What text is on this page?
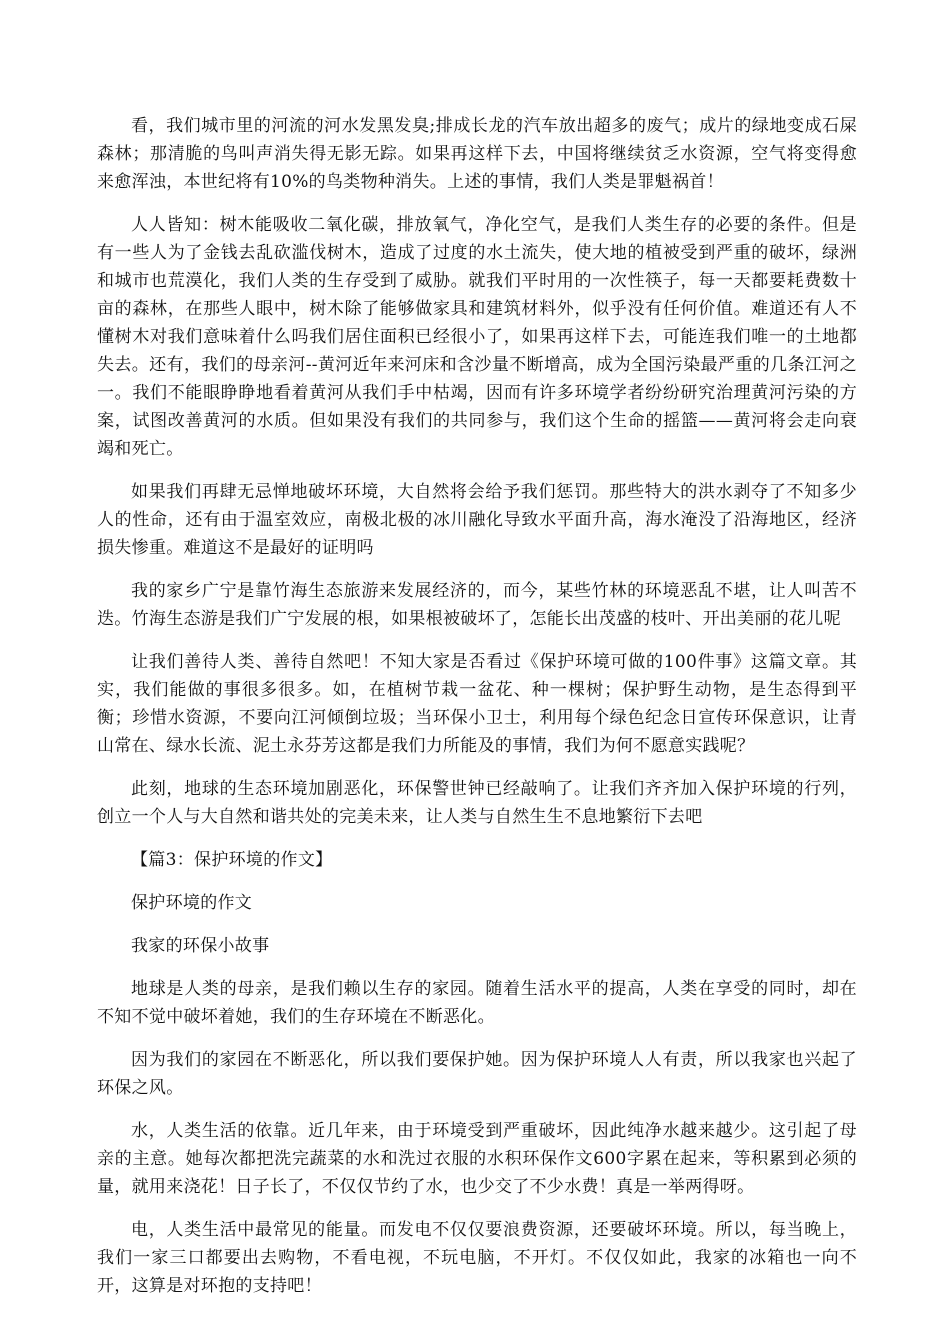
看，我们城市里的河流的河水发黑发臭;排成长龙的汽车放出超多的废气；成片的绿地变成石屎森林；那清脆的鸟叫声消失得无影无踪。如果再这样下去，中国将继续贫乏水资源，空气将变得愈来愈浑浊，本世纪将有10%的鸟类物种消失。上述的事情，我们人类是罪魁祸首！

人人皆知：树木能吸收二氧化碳，排放氧气，净化空气，是我们人类生存的必要的条件。但是有一些人为了金钱去乱砍滥伐树木，造成了过度的水土流失，使大地的植被受到严重的破坏，绿洲和城市也荒漠化，我们人类的生存受到了威胁。就我们平时用的一次性筷子，每一天都要耗费数十亩的森林，在那些人眼中，树木除了能够做家具和建筑材料外，似乎没有任何价值。难道还有人不懂树木对我们意味着什么吗我们居住面积已经很小了，如果再这样下去，可能连我们唯一的土地都失去。还有，我们的母亲河--黄河近年来河床和含沙量不断增高，成为全国污染最严重的几条江河之一。我们不能眼睁睁地看着黄河从我们手中枯竭，因而有许多环境学者纷纷研究治理黄河污染的方案，试图改善黄河的水质。但如果没有我们的共同参与，我们这个生命的摇篮——黄河将会走向衰竭和死亡。

如果我们再肆无忌惮地破坏环境，大自然将会给予我们惩罚。那些特大的洪水剥夺了不知多少人的性命，还有由于温室效应，南极北极的冰川融化导致水平面升高，海水淹没了沿海地区，经济损失惨重。难道这不是最好的证明吗

我的家乡广宁是靠竹海生态旅游来发展经济的，而今，某些竹林的环境恶乱不堪，让人叫苦不迭。竹海生态游是我们广宁发展的根，如果根被破坏了，怎能长出茂盛的枝叶、开出美丽的花儿呢

让我们善待人类、善待自然吧！不知大家是否看过《保护环境可做的100件事》这篇文章。其实，我们能做的事很多很多。如，在植树节栽一盆花、种一棵树；保护野生动物，是生态得到平衡；珍惜水资源，不要向江河倾倒垃圾；当环保小卫士，利用每个绿色纪念日宣传环保意识，让青山常在、绿水长流、泥土永芬芳这都是我们力所能及的事情，我们为何不愿意实践呢？

此刻，地球的生态环境加剧恶化，环保警世钟已经敲响了。让我们齐齐加入保护环境的行列，创立一个人与大自然和谐共处的完美未来，让人类与自然生生不息地繁衍下去吧

【篇3：保护环境的作文】

保护环境的作文

我家的环保小故事

地球是人类的母亲，是我们赖以生存的家园。随着生活水平的提高，人类在享受的同时，却在不知不觉中破坏着她，我们的生存环境在不断恶化。

因为我们的家园在不断恶化，所以我们要保护她。因为保护环境人人有责，所以我家也兴起了环保之风。

水，人类生活的依靠。近几年来，由于环境受到严重破坏，因此纯净水越来越少。这引起了母亲的主意。她每次都把洗完蔬菜的水和洗过衣服的水积环保作文600字累在起来，等积累到必须的量，就用来浇花！日子长了，不仅仅节约了水，也少交了不少水费！真是一举两得呀。

电，人类生活中最常见的能量。而发电不仅仅要浪费资源，还要破坏环境。所以，每当晚上，我们一家三口都要出去购物，不看电视，不玩电脑，不开灯。不仅仅如此，我家的冰箱也一向不开，这算是对环抱的支持吧！
